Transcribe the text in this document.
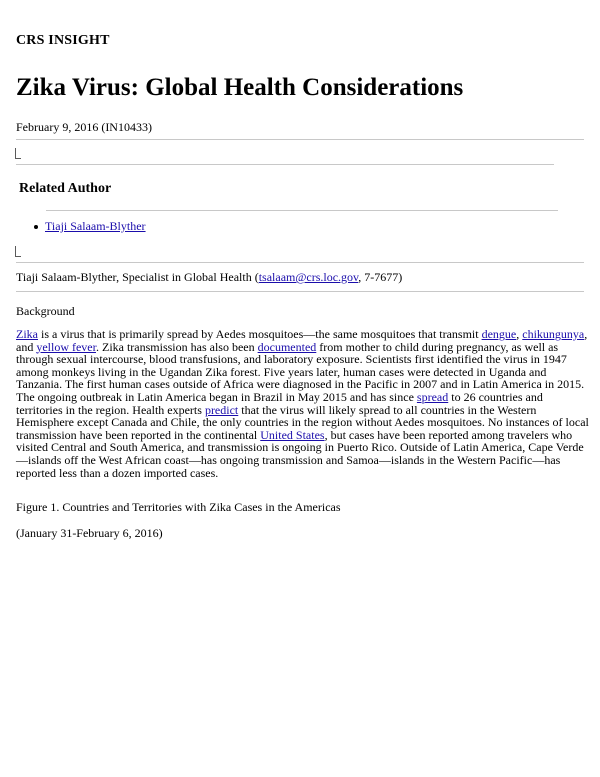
CRS INSIGHT
Zika Virus: Global Health Considerations
February 9, 2016 (IN10433)
Related Author
Tiaji Salaam-Blyther
Tiaji Salaam-Blyther, Specialist in Global Health (tsalaam@crs.loc.gov, 7-7677)
Background
Zika is a virus that is primarily spread by Aedes mosquitoes—the same mosquitoes that transmit dengue, chikungunya,
and yellow fever. Zika transmission has also been documented from mother to child during pregnancy, as well as
through sexual intercourse, blood transfusions, and laboratory exposure. Scientists first identified the virus in 1947
among monkeys living in the Ugandan Zika forest. Five years later, human cases were detected in Uganda and
Tanzania. The first human cases outside of Africa were diagnosed in the Pacific in 2007 and in Latin America in 2015.
The ongoing outbreak in Latin America began in Brazil in May 2015 and has since spread to 26 countries and
territories in the region. Health experts predict that the virus will likely spread to all countries in the Western
Hemisphere except Canada and Chile, the only countries in the region without Aedes mosquitoes. No instances of local
transmission have been reported in the continental United States, but cases have been reported among travelers who
visited Central and South America, and transmission is ongoing in Puerto Rico. Outside of Latin America, Cape Verde
—islands off the West African coast—has ongoing transmission and Samoa—islands in the Western Pacific—has
reported less than a dozen imported cases.
Figure 1. Countries and Territories with Zika Cases in the Americas
(January 31-February 6, 2016)
